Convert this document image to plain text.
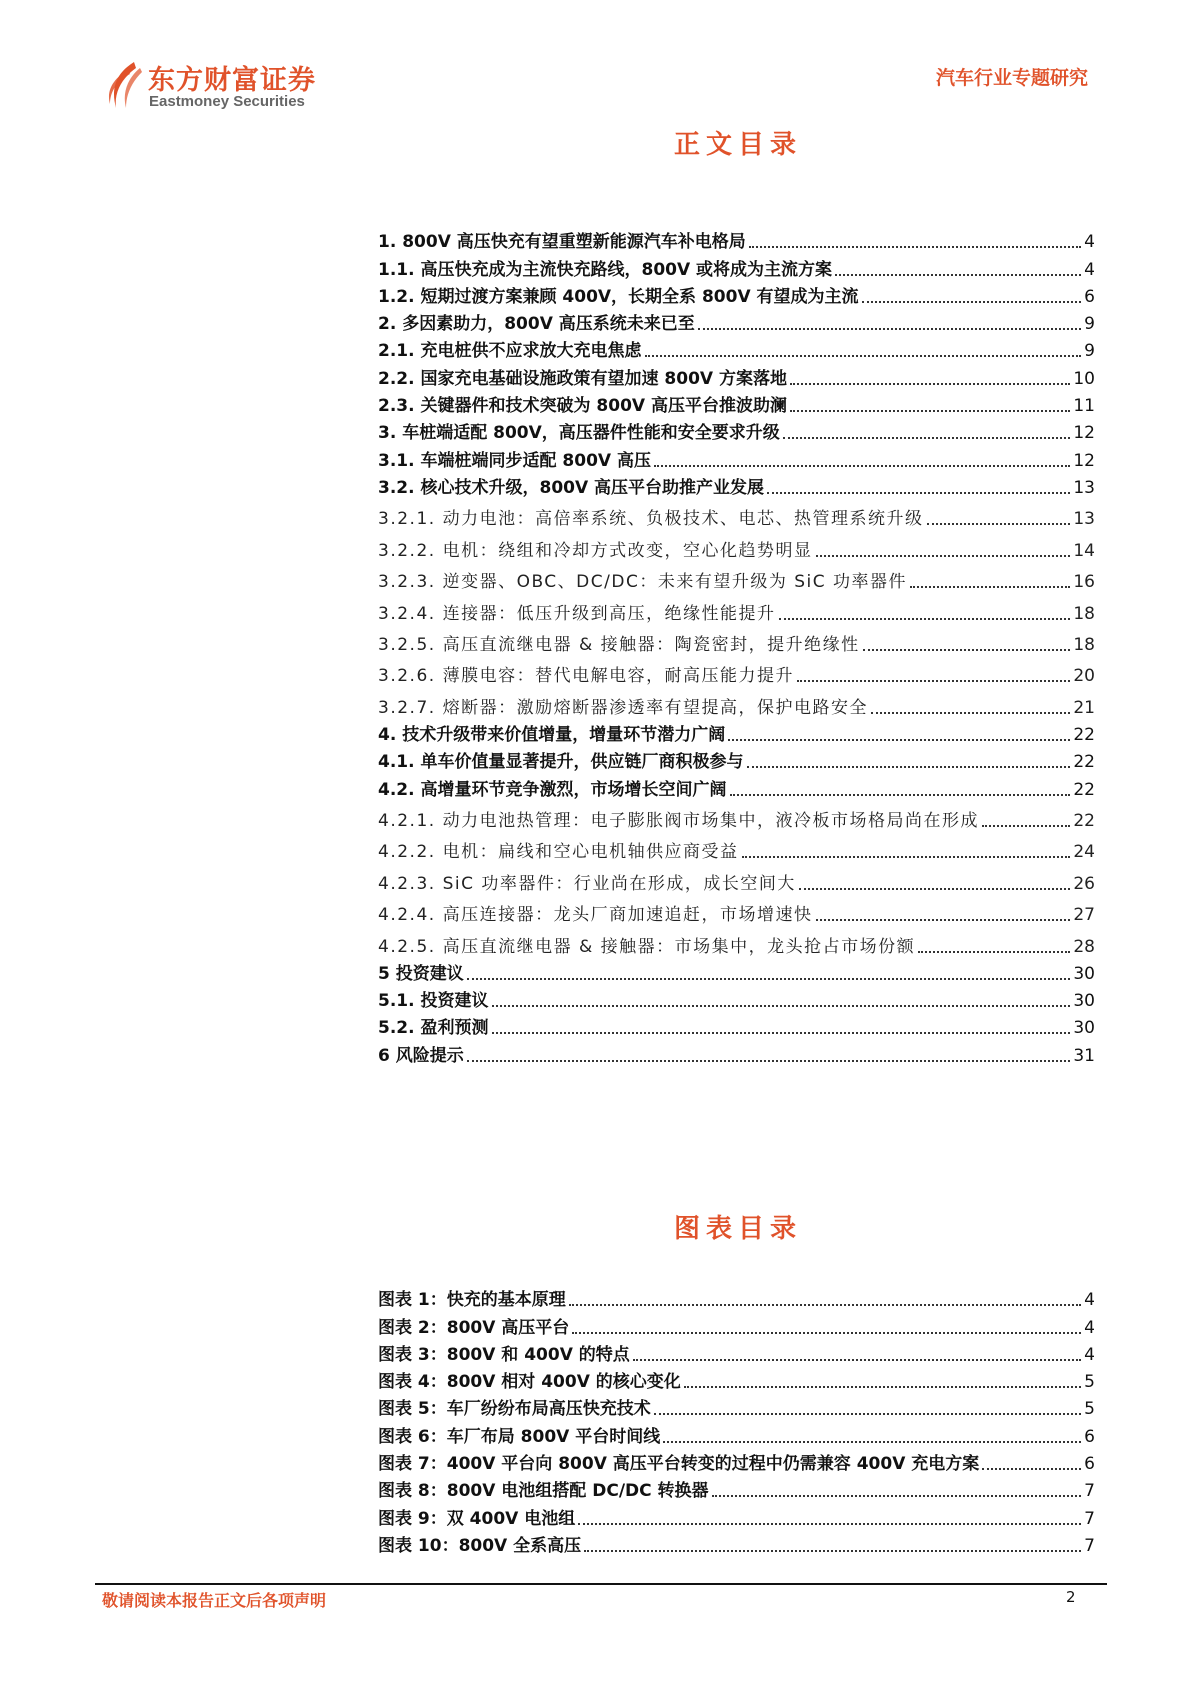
东方财富证券
Eastmoney Securities
汽车行业专题研究
正文目录
1. 800V 高压快充有望重塑新能源汽车补电格局	4
1.1. 高压快充成为主流快充路线，800V 或将成为主流方案	4
1.2. 短期过渡方案兼顾 400V，长期全系 800V 有望成为主流	6
2. 多因素助力，800V 高压系统未来已至	9
2.1. 充电桩供不应求放大充电焦虑	9
2.2. 国家充电基础设施政策有望加速 800V 方案落地	10
2.3. 关键器件和技术突破为 800V 高压平台推波助澜	11
3. 车桩端适配 800V，高压器件性能和安全要求升级	12
3.1. 车端桩端同步适配 800V 高压	12
3.2. 核心技术升级，800V 高压平台助推产业发展	13
3.2.1. 动力电池：高倍率系统、负极技术、电芯、热管理系统升级	13
3.2.2. 电机：绕组和冷却方式改变，空心化趋势明显	14
3.2.3. 逆变器、OBC、DC/DC：未来有望升级为 SiC 功率器件	16
3.2.4. 连接器：低压升级到高压，绝缘性能提升	18
3.2.5. 高压直流继电器 & 接触器：陶瓷密封，提升绝缘性	18
3.2.6. 薄膜电容：替代电解电容，耐高压能力提升	20
3.2.7. 熔断器：激励熔断器渗透率有望提高，保护电路安全	21
4. 技术升级带来价值增量，增量环节潜力广阔	22
4.1. 单车价值量显著提升，供应链厂商积极参与	22
4.2. 高增量环节竞争激烈，市场增长空间广阔	22
4.2.1. 动力电池热管理：电子膨胀阀市场集中，液冷板市场格局尚在形成	22
4.2.2. 电机：扁线和空心电机轴供应商受益	24
4.2.3. SiC 功率器件：行业尚在形成，成长空间大	26
4.2.4. 高压连接器：龙头厂商加速追赶，市场增速快	27
4.2.5. 高压直流继电器 & 接触器：市场集中，龙头抢占市场份额	28
5 投资建议	30
5.1. 投资建议	30
5.2. 盈利预测	30
6 风险提示	31
图表目录
图表 1：快充的基本原理	4
图表 2：800V 高压平台	4
图表 3：800V 和 400V 的特点	4
图表 4：800V 相对 400V 的核心变化	5
图表 5：车厂纷纷布局高压快充技术	5
图表 6：车厂布局 800V 平台时间线	6
图表 7：400V 平台向 800V 高压平台转变的过程中仍需兼容 400V 充电方案	6
图表 8：800V 电池组搭配 DC/DC 转换器	7
图表 9：双 400V 电池组	7
图表 10：800V 全系高压	7
敬请阅读本报告正文后各项声明	2
